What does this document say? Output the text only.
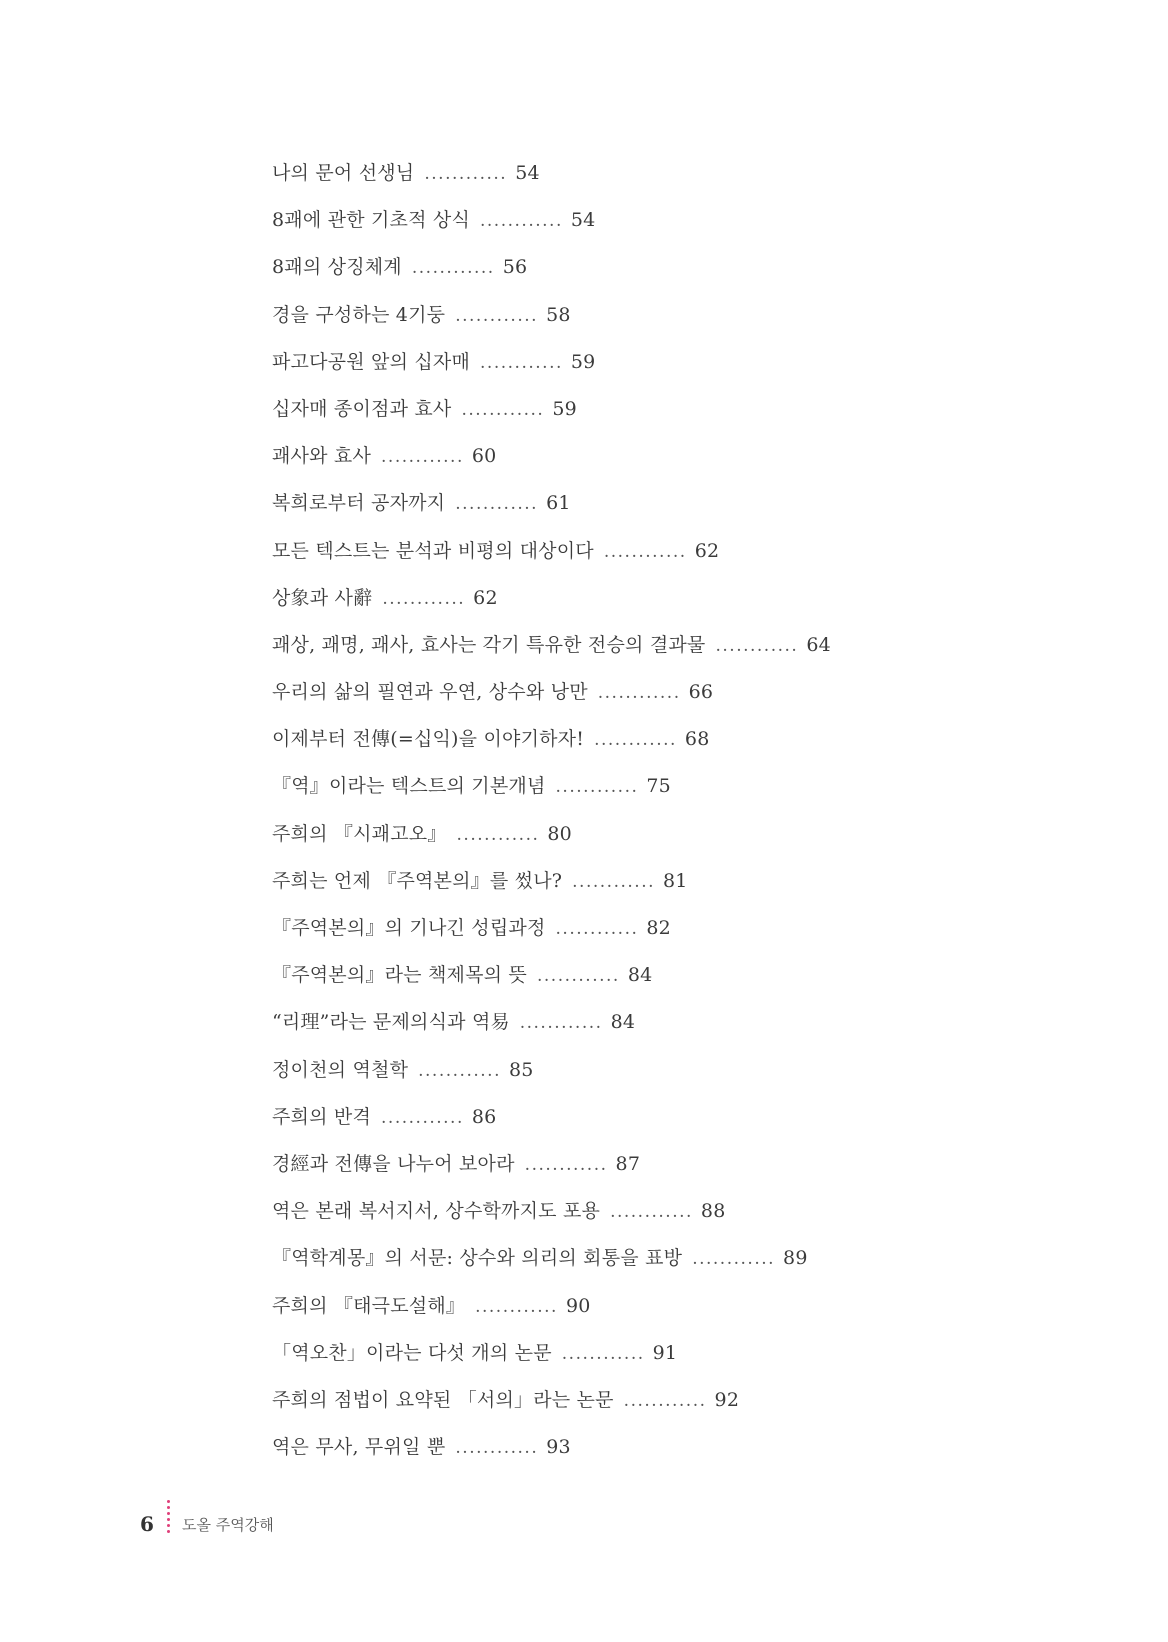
나의 문어 선생님 ............ 54
8괘에 관한 기초적 상식 ............ 54
8괘의 상징체계 ............ 56
경을 구성하는 4기둥 ............ 58
파고다공원 앞의 십자매 ............ 59
십자매 종이점과 효사 ............ 59
괘사와 효사 ............ 60
복희로부터 공자까지 ............ 61
모든 텍스트는 분석과 비평의 대상이다 ............ 62
상象과 사辭 ............ 62
괘상, 괘명, 괘사, 효사는 각기 특유한 전승의 결과물 ............ 64
우리의 삶의 필연과 우연, 상수와 낭만 ............ 66
이제부터 전傳(=십익)을 이야기하자! ............ 68
『역』이라는 텍스트의 기본개념 ............ 75
주희의 『시괘고오』 ............ 80
주희는 언제 『주역본의』를 썼나? ............ 81
『주역본의』의 기나긴 성립과정 ............ 82
『주역본의』라는 책제목의 뜻 ............ 84
“리理”라는 문제의식과 역易 ............ 84
정이천의 역철학 ............ 85
주희의 반격 ............ 86
경經과 전傳을 나누어 보아라 ............ 87
역은 본래 복서지서, 상수학까지도 포용 ............ 88
『역학계몽』의 서문: 상수와 의리의 회통을 표방 ............ 89
주희의 『태극도설해』 ............ 90
「역오찬」이라는 다섯 개의 논문 ............ 91
주희의 점법이 요약된 「서의」라는 논문 ............ 92
역은 무사, 무위일 뿐 ............ 93
6 도올 주역강해
